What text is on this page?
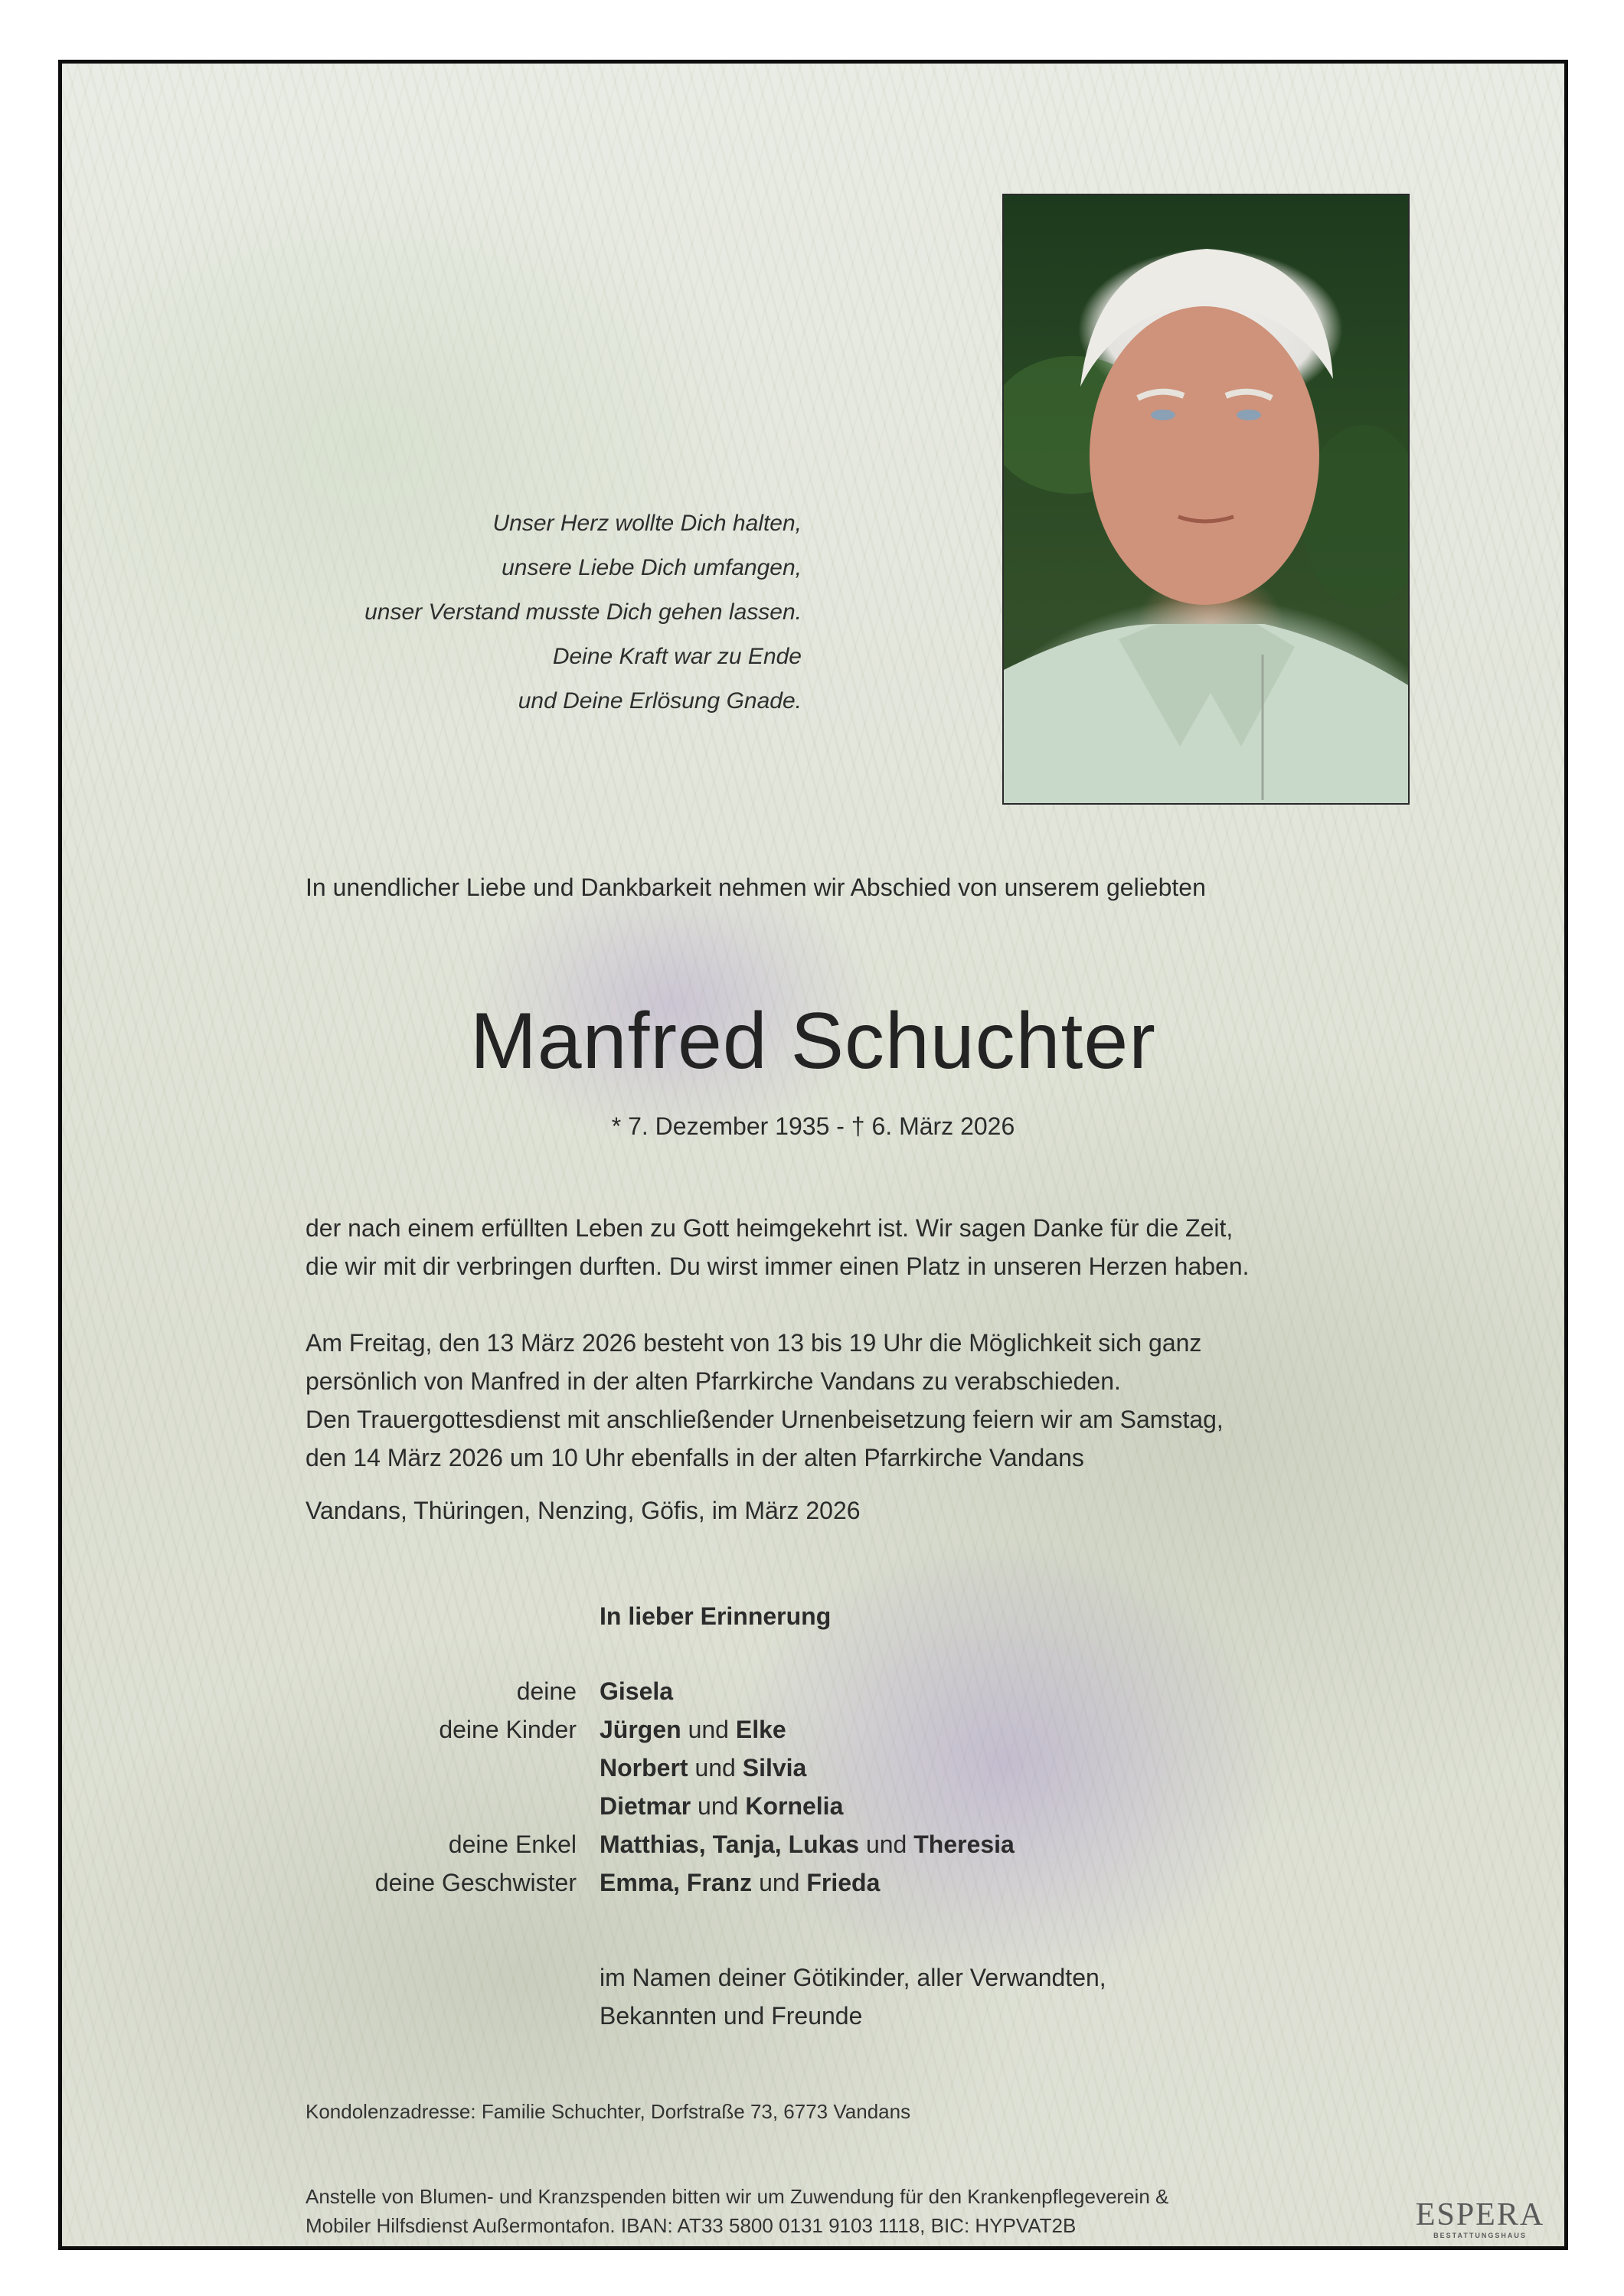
Unser Herz wollte Dich halten,
unsere Liebe Dich umfangen,
unser Verstand musste Dich gehen lassen.
Deine Kraft war zu Ende
und Deine Erlösung Gnade.
In unendlicher Liebe und Dankbarkeit nehmen wir Abschied von unserem geliebten
Manfred Schuchter
* 7. Dezember 1935 - † 6. März 2026
der nach einem erfüllten Leben zu Gott heimgekehrt ist. Wir sagen Danke für die Zeit,
die wir mit dir verbringen durften. Du wirst immer einen Platz in unseren Herzen haben.
Am Freitag, den 13 März 2026 besteht von 13 bis 19 Uhr die Möglichkeit sich ganz
persönlich von Manfred in der alten Pfarrkirche Vandans zu verabschieden.
Den Trauergottesdienst mit anschließender Urnenbeisetzung feiern wir am Samstag,
den 14 März 2026 um 10 Uhr ebenfalls in der alten Pfarrkirche Vandans
Vandans, Thüringen, Nenzing, Göfis, im März 2026
In lieber Erinnerung
deine Gisela
deine Kinder Jürgen und Elke
Norbert und Silvia
Dietmar und Kornelia
deine Enkel Matthias, Tanja, Lukas und Theresia
deine Geschwister Emma, Franz und Frieda
im Namen deiner Götikinder, aller Verwandten,
Bekannten und Freunde
Kondolenzadresse: Familie Schuchter, Dorfstraße 73, 6773 Vandans
Anstelle von Blumen- und Kranzspenden bitten wir um Zuwendung für den Krankenpflegeverein &
Mobiler Hilfsdienst Außermontafon. IBAN: AT33 5800 0131 9103 1118, BIC: HYPVAT2B	ESPERA
BESTATTUNGSHAUS
